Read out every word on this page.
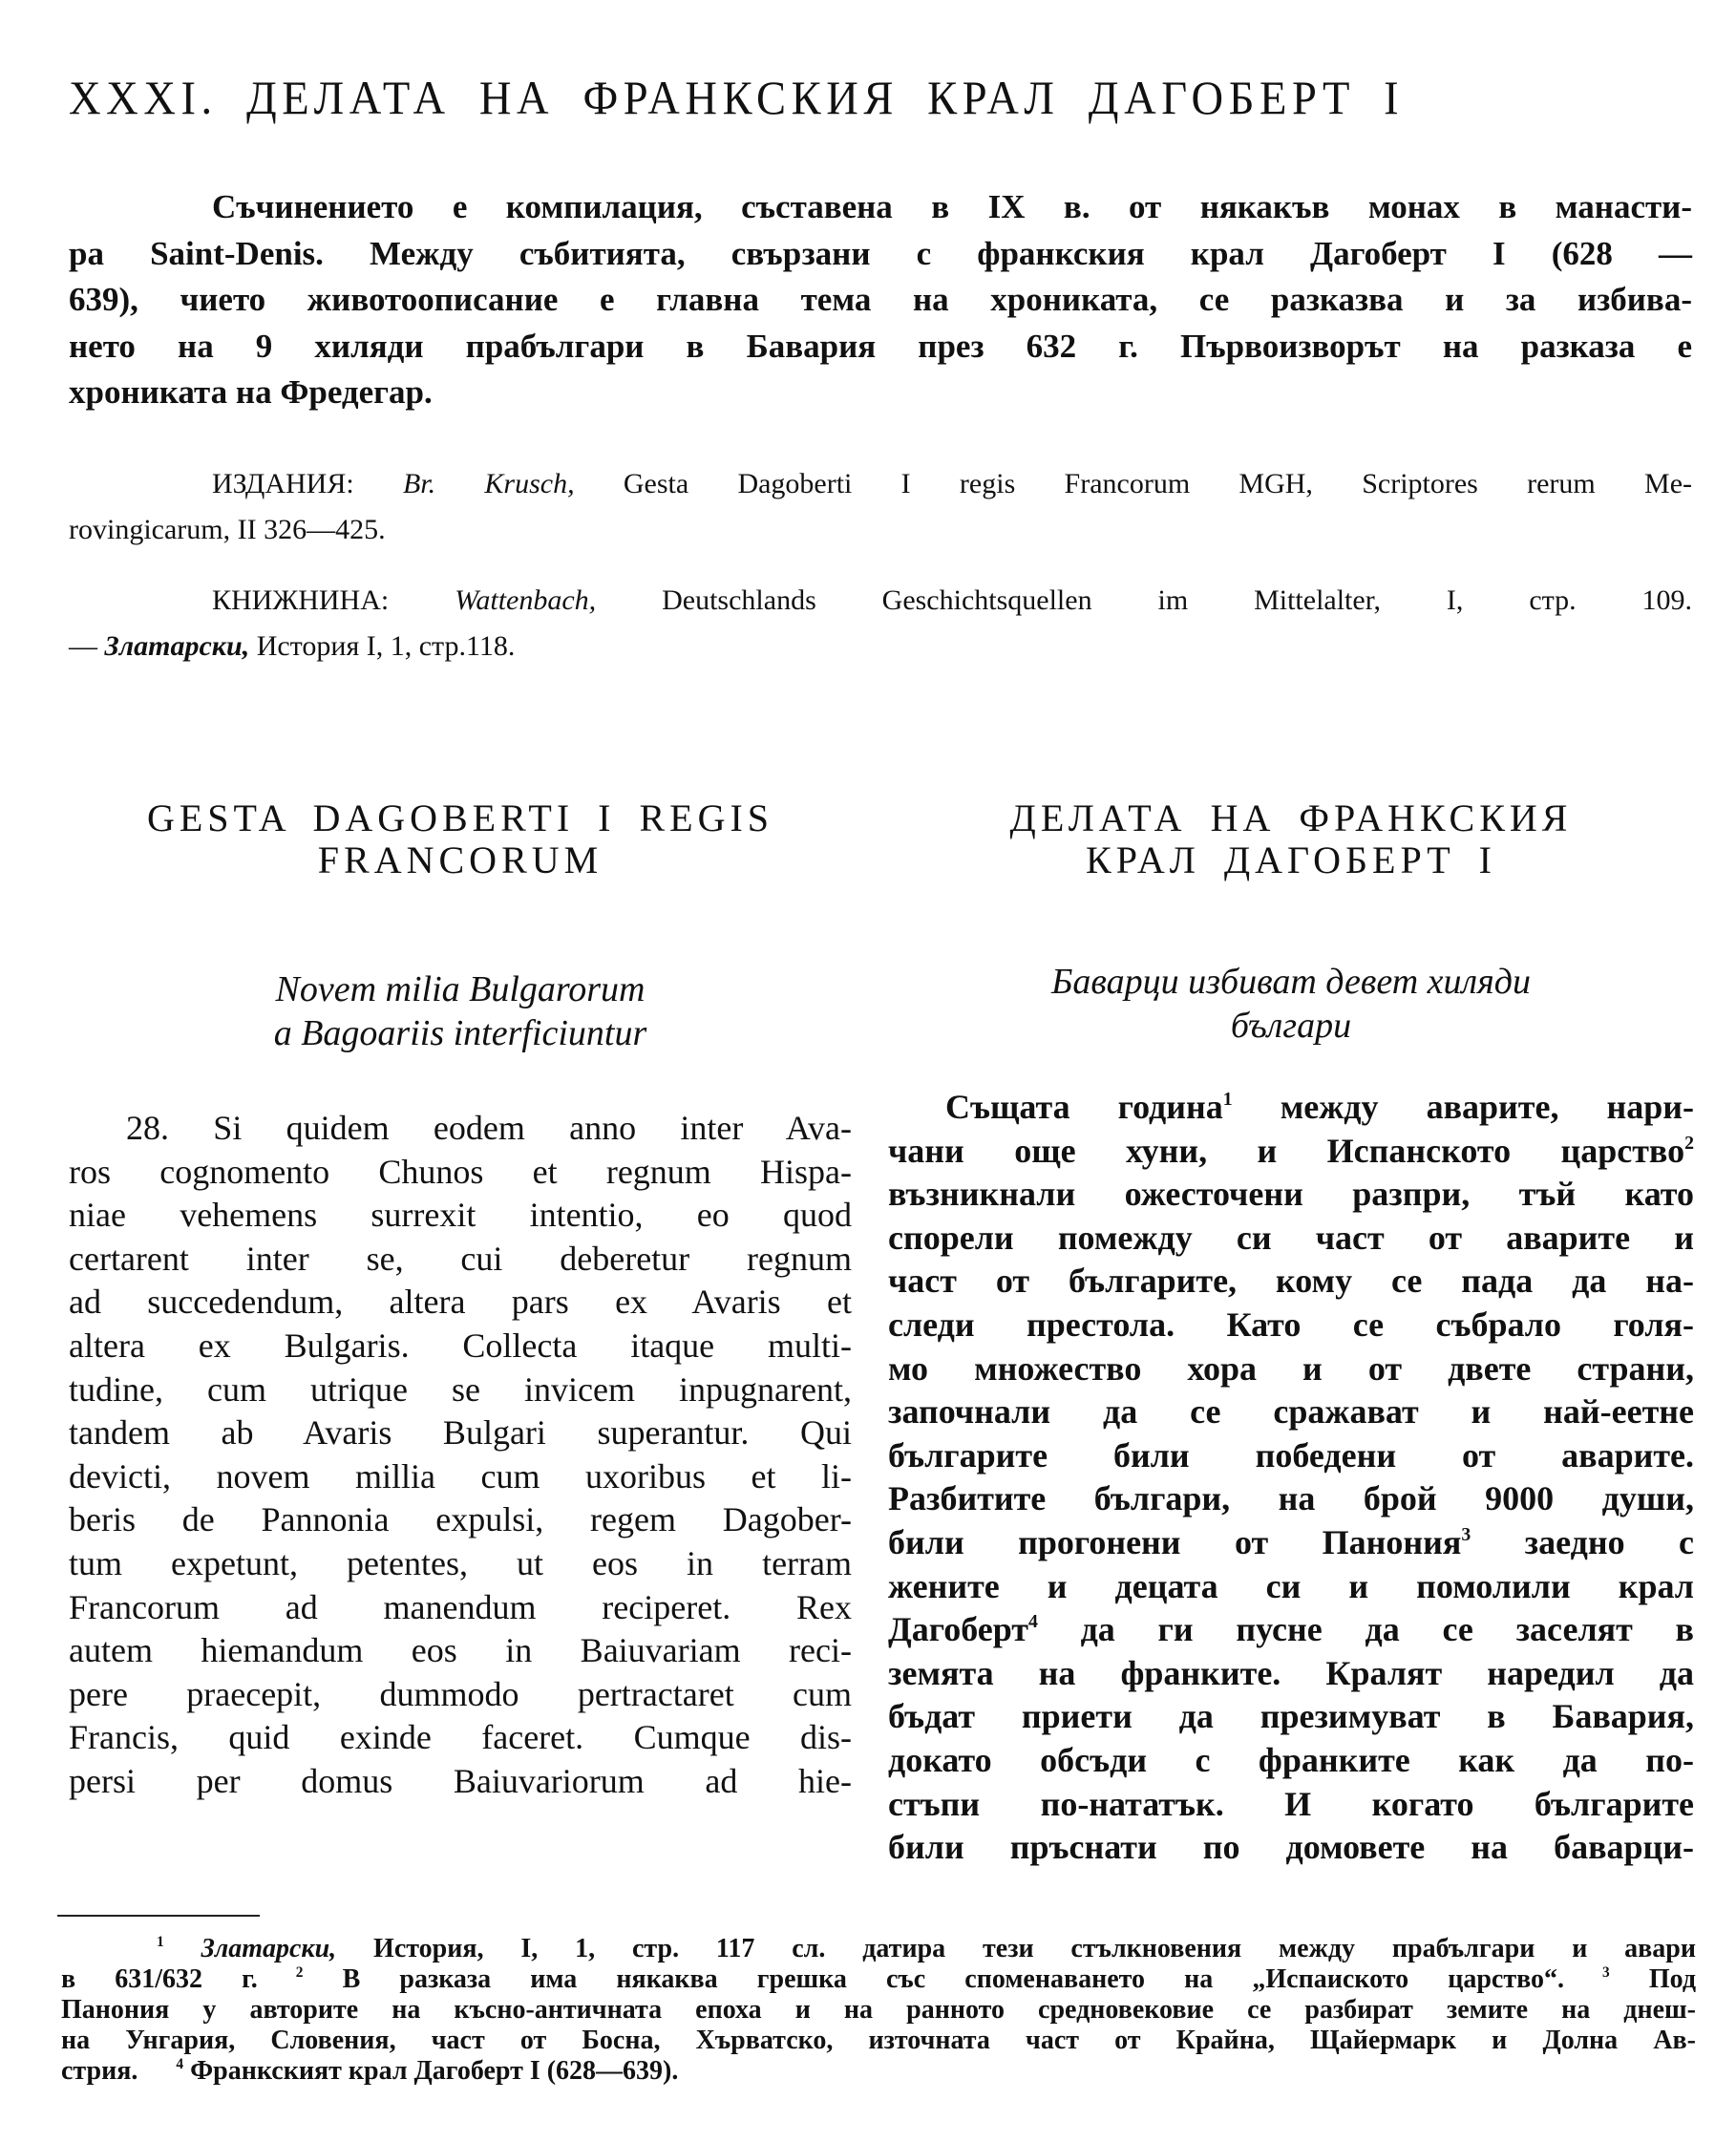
XXXI. ДЕЛАТА НА ФРАНКСКИЯ КРАЛ ДАГОБЕРТ I
Съчинението е компилация, съставена в IX в. от някакъв монах в манасти-
ра Saint-Denis. Между събитията, свързани с франкския крал Дагоберт I (628 —
639), чието животоописание е главна тема на хрониката, се разказва и за избива-
нето на 9 хиляди прабългари в Бавария през 632 г. Първоизворът на разказа е
хрониката на Фредегар.
ИЗДАНИЯ: Br. Krusch, Gesta Dagoberti I regis Francorum MGH, Scriptores rerum Me-
rovingicarum, II 326—425.
КНИЖНИНА: Wattenbach, Deutschlands Geschichtsquellen im Mittelalter, I, стр. 109.
— Златарски, История I, 1, стр.118.
GESTA DAGOBERTI I REGIS
FRANCORUM
Novem milia Bulgarorum
a Bagoariis interficiuntur
28. Si quidem eodem anno inter Ava-
ros cognomento Chunos et regnum Hispa-
niae vehemens surrexit intentio, eo quod
certarent inter se, cui deberetur regnum
ad succedendum, altera pars ex Avaris et
altera ex Bulgaris. Collecta itaque multi-
tudine, cum utrique se invicem inpugnarent,
tandem ab Avaris Bulgari superantur. Qui
devicti, novem millia cum uxoribus et li-
beris de Pannonia expulsi, regem Dagober-
tum expetunt, petentes, ut eos in terram
Francorum ad manendum reciperet. Rex
autem hiemandum eos in Baiuvariam reci-
pere praecepit, dummodo pertractaret cum
Francis, quid exinde faceret. Cumque dis-
persi per domus Baiuvariorum ad hie-
ДЕЛАТА НА ФРАНКСКИЯ
КРАЛ ДАГОБЕРТ I
Баварци избиват девет хиляди
българи
Същата година$^1$ между аварите, нари-
чани още хуни, и Испанското царство$^2$
възникнали ожесточени разпри, тъй като
спорели помежду си част от аварите и
част от българите, кому се пада да на-
следи престола. Като се събрало голя-
мо множество хора и от двете страни,
започнали да се сражават и най-еетне
българите били победени от аварите.
Разбитите българи, на брой 9000 души,
били прогонени от Панония$^3$ заедно с
жените и децата си и помолили крал
Дагоберт$^4$ да ги пусне да се заселят в
земята на франките. Кралят наредил да
бъдат приети да презимуват в Бавария,
докато обсъди с франките как да по-
стъпи по-нататък. И когато българите
били пръснати по домовете на баварци-
$^1$ Златарски, История, I, 1, стр. 117 сл. датира тези стълкновения между прабългари и авари
в 631/632 г.	$^2$ В разказа има някаква грешка със споменаването на „Испаиското царство“.	$^3$ Под
Панония у авторите на късно-античната епоха и на ранното средновековие се разбират земите на днеш-
на Унгария, Словения, част от Босна, Хърватско, източната част от Крайна, Щайермарк и Долна Ав-
стрия.	$^4$ Франкският крал Дагоберт I (628—639).
